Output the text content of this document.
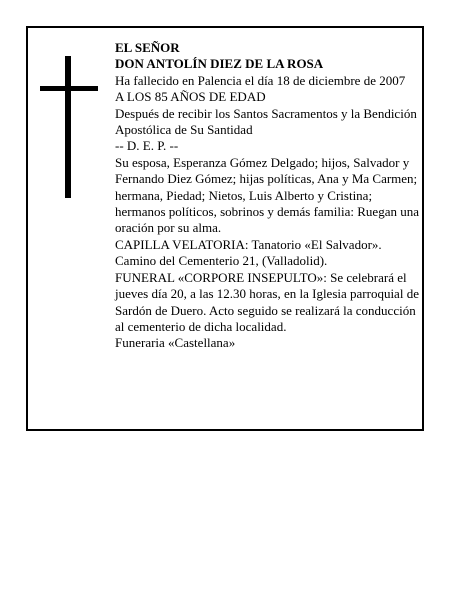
EL SEÑOR

DON ANTOLÍN DIEZ DE LA ROSA

Ha fallecido en Palencia el día 18 de diciembre de 2007

A LOS 85 AÑOS DE EDAD

Después de recibir los Santos Sacramentos y la Bendición Apostólica de Su Santidad

-- D. E. P. --

Su esposa, Esperanza Gómez Delgado; hijos, Salvador y Fernando Diez Gómez; hijas políticas, Ana y Ma Carmen; hermana, Piedad; Nietos, Luis Alberto y Cristina; hermanos políticos, sobrinos y demás familia: Ruegan una oración por su alma.

CAPILLA VELATORIA: Tanatorio «El Salvador». Camino del Cementerio 21, (Valladolid).

FUNERAL «CORPORE INSEPULTO»: Se celebrará el jueves día 20, a las 12.30 horas, en la Iglesia parroquial de Sardón de Duero. Acto seguido se realizará la conducción al cementerio de dicha localidad.

Funeraria «Castellana»
